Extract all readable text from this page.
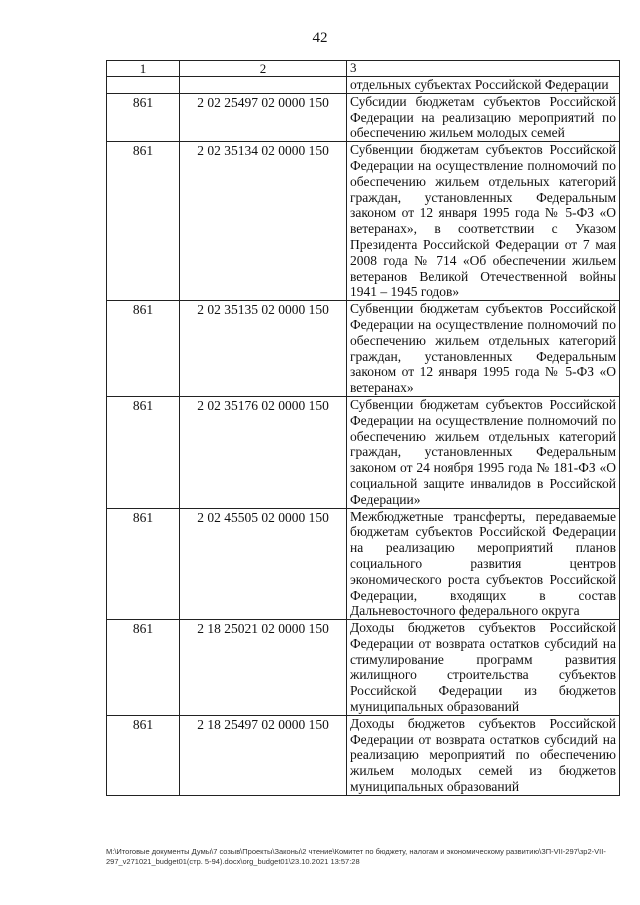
42
1	2	3
		отдельных субъектах Российской Федерации
861	2 02 25497 02 0000 150	Субсидии бюджетам субъектов Российской Федерации на реализацию мероприятий по обеспечению жильем молодых семей
861	2 02 35134 02 0000 150	Субвенции бюджетам субъектов Российской Федерации на осуществление полномочий по обеспечению жильем отдельных категорий граждан, установленных Федеральным законом от 12 января 1995 года № 5-ФЗ «О ветеранах», в соответствии с Указом Президента Российской Федерации от 7 мая 2008 года № 714 «Об обеспечении жильем ветеранов Великой Отечественной войны 1941 – 1945 годов»
861	2 02 35135 02 0000 150	Субвенции бюджетам субъектов Российской Федерации на осуществление полномочий по обеспечению жильем отдельных категорий граждан, установленных Федеральным законом от 12 января 1995 года № 5-ФЗ «О ветеранах»
861	2 02 35176 02 0000 150	Субвенции бюджетам субъектов Российской Федерации на осуществление полномочий по обеспечению жильем отдельных категорий граждан, установленных Федеральным законом от 24 ноября 1995 года № 181-ФЗ «О социальной защите инвалидов в Российской Федерации»
861	2 02 45505 02 0000 150	Межбюджетные трансферты, передаваемые бюджетам субъектов Российской Федерации на реализацию мероприятий планов социального развития центров экономического роста субъектов Российской Федерации, входящих в состав Дальневосточного федерального округа
861	2 18 25021 02 0000 150	Доходы бюджетов субъектов Российской Федерации от возврата остатков субсидий на стимулирование программ развития жилищного строительства субъектов Российской Федерации из бюджетов муниципальных образований
861	2 18 25497 02 0000 150	Доходы бюджетов субъектов Российской Федерации от возврата остатков субсидий на реализацию мероприятий по обеспечению жильем молодых семей из бюджетов муниципальных образований
M:\Итоговые документы Думы\7 созыв\Проекты\Законы\2 чтение\Комитет по бюджету, налогам и экономическому развитию\ЗП-VII-297\зр2-VII-297_v271021_budget01(стр. 5-94).docx\org_budget01\23.10.2021 13:57:28
